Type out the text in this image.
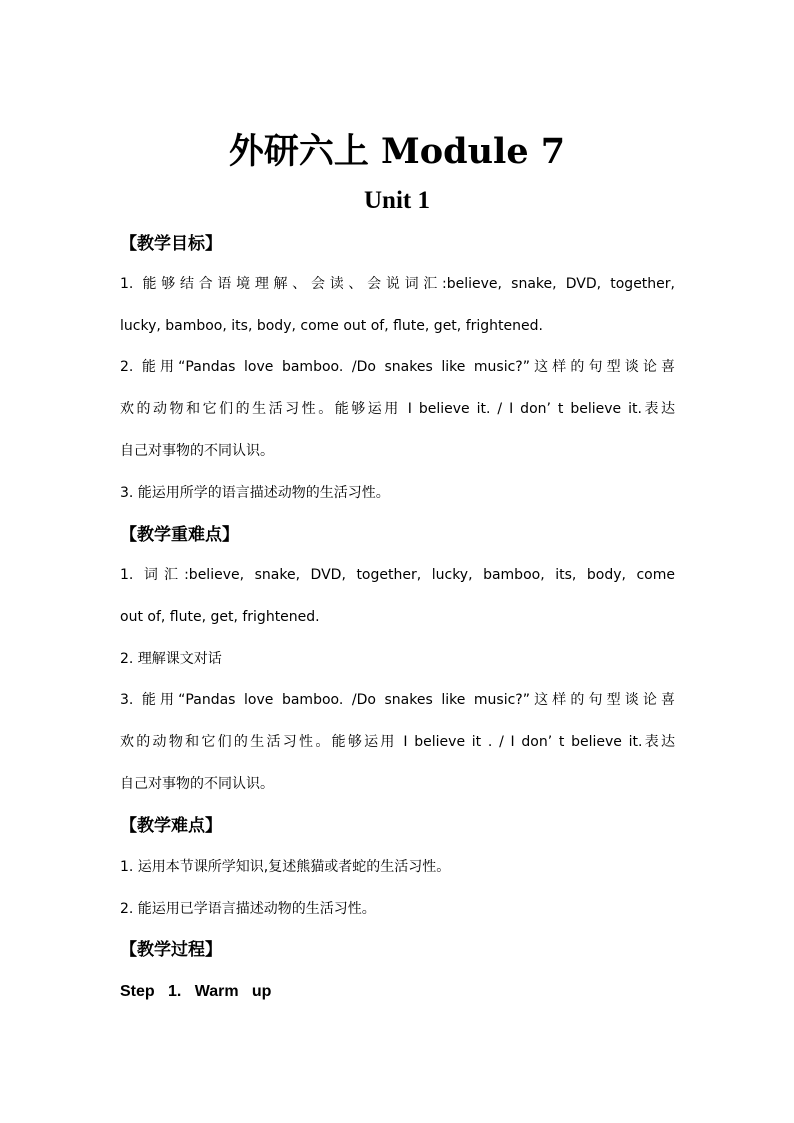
外研六上 Module 7
Unit 1
【教学目标】
1. 能够结合语境理解、会读、会说词汇:believe, snake, DVD, together,
lucky, bamboo, its, body, come out of, flute, get, frightened.
2. 能用“Pandas love bamboo. /Do snakes like music?”这样的句型谈论喜
欢的动物和它们的生活习性。能够运用 I believe it. / I don’ t believe it.表达
自己对事物的不同认识。
3. 能运用所学的语言描述动物的生活习性。
【教学重难点】
1. 词汇:believe, snake, DVD, together, lucky, bamboo, its, body, come
out of, flute, get, frightened.
2. 理解课文对话
3. 能用“Pandas love bamboo. /Do snakes like music?”这样的句型谈论喜
欢的动物和它们的生活习性。能够运用 I believe it . / I don’ t believe it.表达
自己对事物的不同认识。
【教学难点】
1. 运用本节课所学知识,复述熊猫或者蛇的生活习性。
2. 能运用已学语言描述动物的生活习性。
【教学过程】
Step   1.   Warm   up
